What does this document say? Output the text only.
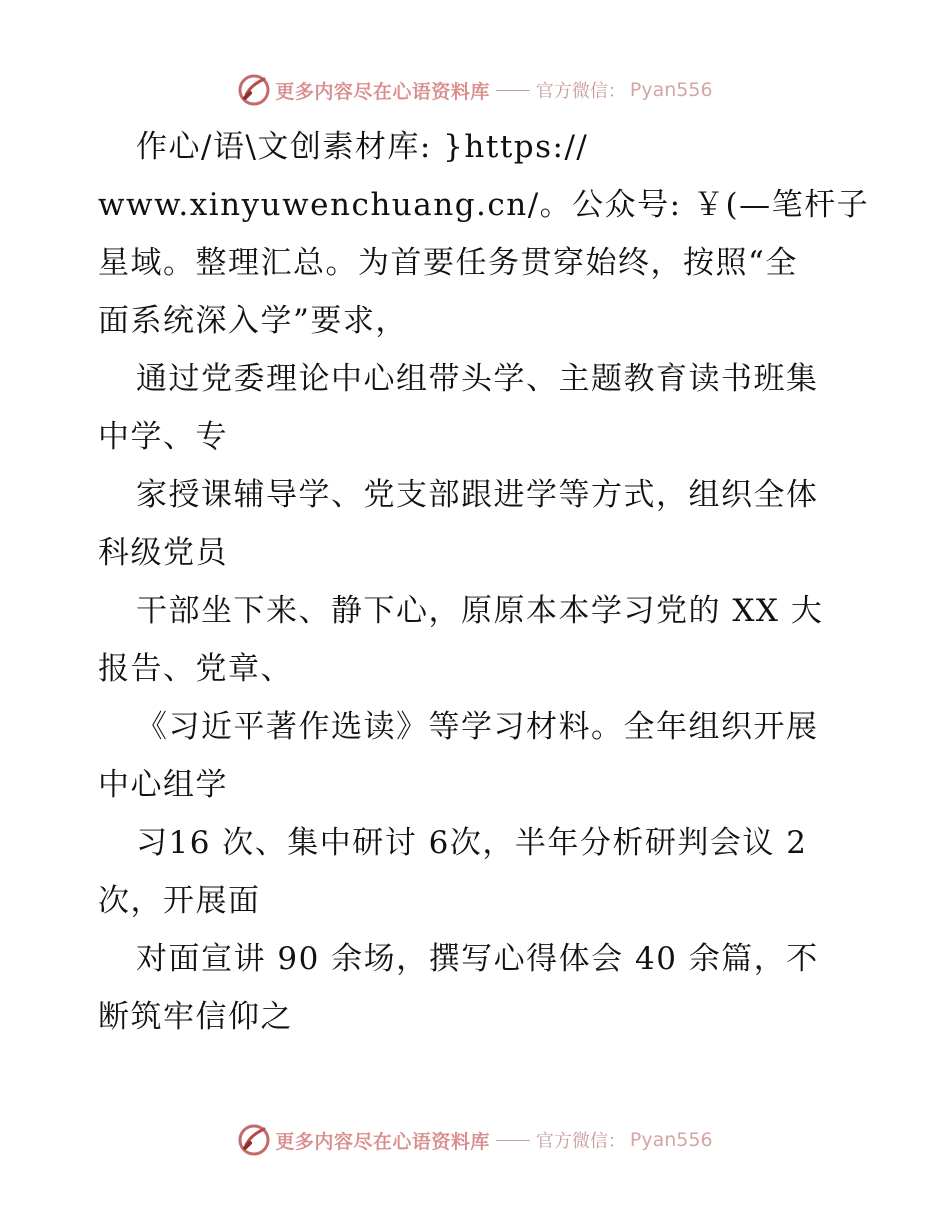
更多内容尽在心语资料库	官方微信： Pyan556
作心/语\文创素材库: }https://
www.xinyuwenchuang.cn/。公众号: ￥(—笔杆子
星域。整理汇总。为首要任务贯穿始终，按照“全
面系统深入学”要求，
通过党委理论中心组带头学、主题教育读书班集
中学、专
家授课辅导学、党支部跟进学等方式，组织全体
科级党员
干部坐下来、静下心，原原本本学习党的 XX 大
报告、党章、
《习近平著作选读》等学习材料。全年组织开展
中心组学
习16 次、集中研讨 6次，半年分析研判会议 2
次，开展面
对面宣讲 90 余场，撰写心得体会 40 余篇，不
断筑牢信仰之
更多内容尽在心语资料库	官方微信： Pyan556
